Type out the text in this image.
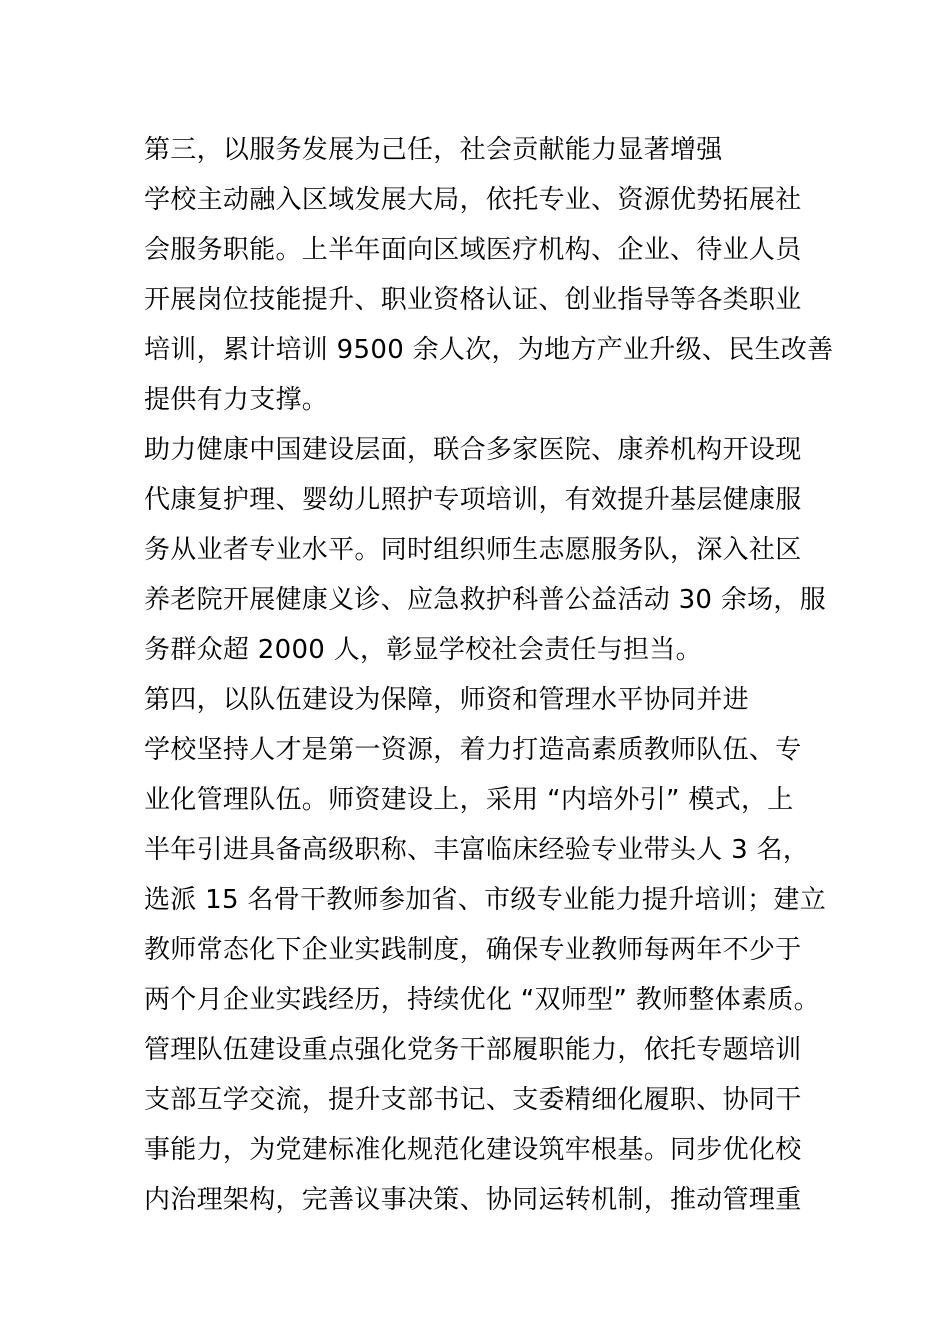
第三，以服务发展为己任，社会贡献能力显著增强

学校主动融入区域发展大局，依托专业、资源优势拓展社

会服务职能。上半年面向区域医疗机构、企业、待业人员

开展岗位技能提升、职业资格认证、创业指导等各类职业

培训，累计培训 9500 余人次，为地方产业升级、民生改善

提供有力支撑。

助力健康中国建设层面，联合多家医院、康养机构开设现

代康复护理、婴幼儿照护专项培训，有效提升基层健康服

务从业者专业水平。同时组织师生志愿服务队，深入社区

养老院开展健康义诊、应急救护科普公益活动 30 余场，服

务群众超 2000 人，彰显学校社会责任与担当。

第四，以队伍建设为保障，师资和管理水平协同并进

学校坚持人才是第一资源，着力打造高素质教师队伍、专

业化管理队伍。师资建设上，采用 “内培外引” 模式，上

半年引进具备高级职称、丰富临床经验专业带头人 3 名，

选派 15 名骨干教师参加省、市级专业能力提升培训；建立

教师常态化下企业实践制度，确保专业教师每两年不少于

两个月企业实践经历，持续优化 “双师型” 教师整体素质。

管理队伍建设重点强化党务干部履职能力，依托专题培训

支部互学交流，提升支部书记、支委精细化履职、协同干

事能力，为党建标准化规范化建设筑牢根基。同步优化校

内治理架构，完善议事决策、协同运转机制，推动管理重
